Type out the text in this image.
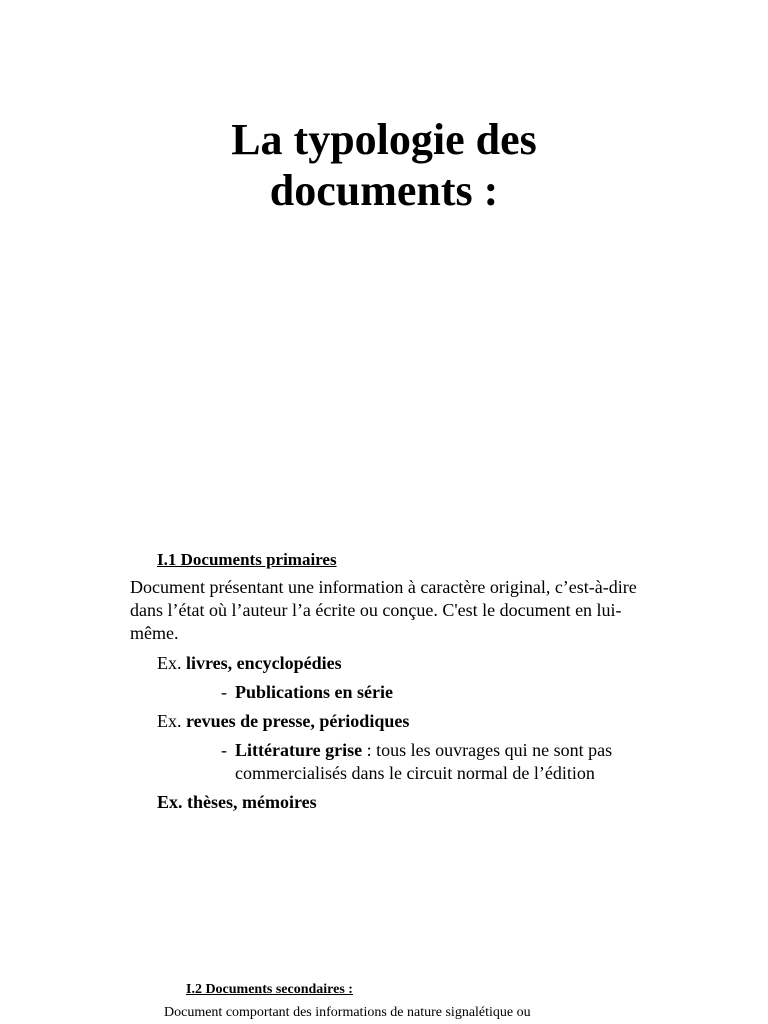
La typologie des
documents :
I.1 Documents primaires
Document présentant une information à caractère original, c’est-à-dire dans l’état où l’auteur l’a écrite ou conçue. C'est le document en lui-même.
Ex. livres, encyclopédies
- Publications en série
Ex. revues de presse, périodiques
- Littérature grise : tous les ouvrages qui ne sont pas commercialisés dans le circuit normal de l’édition
Ex. thèses, mémoires
I.2 Documents secondaires :
Document comportant des informations de nature signalétique ou
